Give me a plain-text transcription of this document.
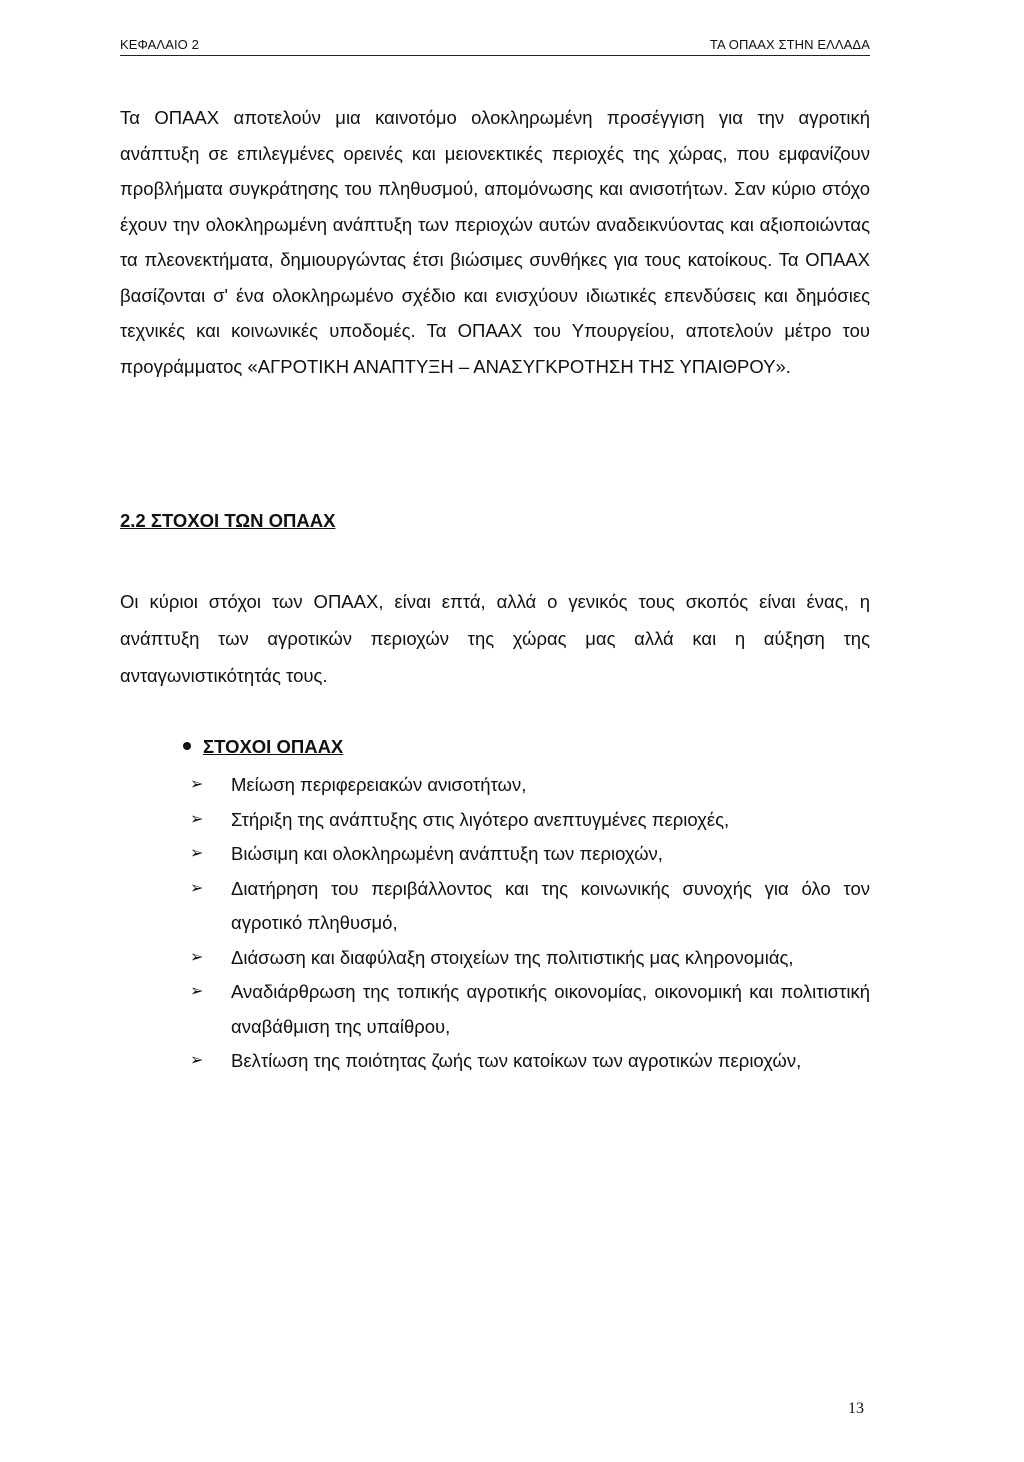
ΚΕΦΑΛΑΙΟ 2	ΤΑ ΟΠΑΑΧ ΣΤΗΝ ΕΛΛΑΔΑ

Τα ΟΠΑΑΧ αποτελούν μια καινοτόμο ολοκληρωμένη προσέγγιση για την αγροτική ανάπτυξη σε επιλεγμένες ορεινές και μειονεκτικές περιοχές της χώρας, που εμφανίζουν προβλήματα συγκράτησης του πληθυσμού, απομόνωσης και ανισοτήτων. Σαν κύριο στόχο έχουν την ολοκληρωμένη ανάπτυξη των περιοχών αυτών αναδεικνύοντας και αξιοποιώντας τα πλεονεκτήματα, δημιουργώντας έτσι βιώσιμες συνθήκες για τους κατοίκους. Τα ΟΠΑΑΧ βασίζονται σ' ένα ολοκληρωμένο σχέδιο και ενισχύουν ιδιωτικές επενδύσεις και δημόσιες τεχνικές και κοινωνικές υποδομές. Τα ΟΠΑΑΧ του Υπουργείου, αποτελούν μέτρο του προγράμματος «ΑΓΡΟΤΙΚΗ ΑΝΑΠΤΥΞΗ – ΑΝΑΣΥΓΚΡΟΤΗΣΗ ΤΗΣ ΥΠΑΙΘΡΟΥ».

2.2 ΣΤΟΧΟΙ ΤΩΝ ΟΠΑΑΧ

Οι κύριοι στόχοι των ΟΠΑΑΧ, είναι επτά, αλλά ο γενικός τους σκοπός είναι ένας, η ανάπτυξη των αγροτικών περιοχών της χώρας μας αλλά και η αύξηση της ανταγωνιστικότητάς τους.

ΣΤΟΧΟΙ ΟΠΑΑΧ
➢ Μείωση περιφερειακών ανισοτήτων,
➢ Στήριξη της ανάπτυξης στις λιγότερο ανεπτυγμένες περιοχές,
➢ Βιώσιμη και ολοκληρωμένη ανάπτυξη των περιοχών,
➢ Διατήρηση του περιβάλλοντος και της κοινωνικής συνοχής για όλο τον αγροτικό πληθυσμό,
➢ Διάσωση και διαφύλαξη στοιχείων της πολιτιστικής μας κληρονομιάς,
➢ Αναδιάρθρωση της τοπικής αγροτικής οικονομίας, οικονομική και πολιτιστική αναβάθμιση της υπαίθρου,
➢ Βελτίωση της ποιότητας ζωής των κατοίκων των αγροτικών περιοχών,
13
